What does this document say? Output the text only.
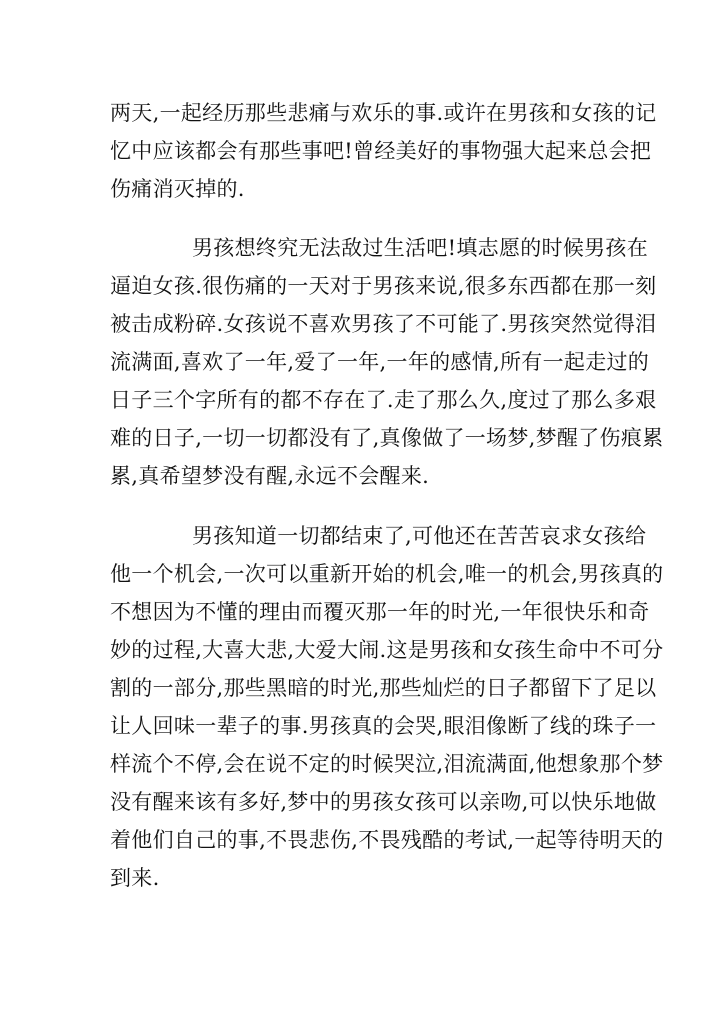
两天,一起经历那些悲痛与欢乐的事.或许在男孩和女孩的记
忆中应该都会有那些事吧!曾经美好的事物强大起来总会把
伤痛消灭掉的.
男孩想终究无法敌过生活吧!填志愿的时候男孩在
逼迫女孩.很伤痛的一天对于男孩来说,很多东西都在那一刻
被击成粉碎.女孩说不喜欢男孩了不可能了.男孩突然觉得泪
流满面,喜欢了一年,爱了一年,一年的感情,所有一起走过的
日子三个字所有的都不存在了.走了那么久,度过了那么多艰
难的日子,一切一切都没有了,真像做了一场梦,梦醒了伤痕累
累,真希望梦没有醒,永远不会醒来.
男孩知道一切都结束了,可他还在苦苦哀求女孩给
他一个机会,一次可以重新开始的机会,唯一的机会,男孩真的
不想因为不懂的理由而覆灭那一年的时光,一年很快乐和奇
妙的过程,大喜大悲,大爱大闹.这是男孩和女孩生命中不可分
割的一部分,那些黑暗的时光,那些灿烂的日子都留下了足以
让人回味一辈子的事.男孩真的会哭,眼泪像断了线的珠子一
样流个不停,会在说不定的时候哭泣,泪流满面,他想象那个梦
没有醒来该有多好,梦中的男孩女孩可以亲吻,可以快乐地做
着他们自己的事,不畏悲伤,不畏残酷的考试,一起等待明天的
到来.
